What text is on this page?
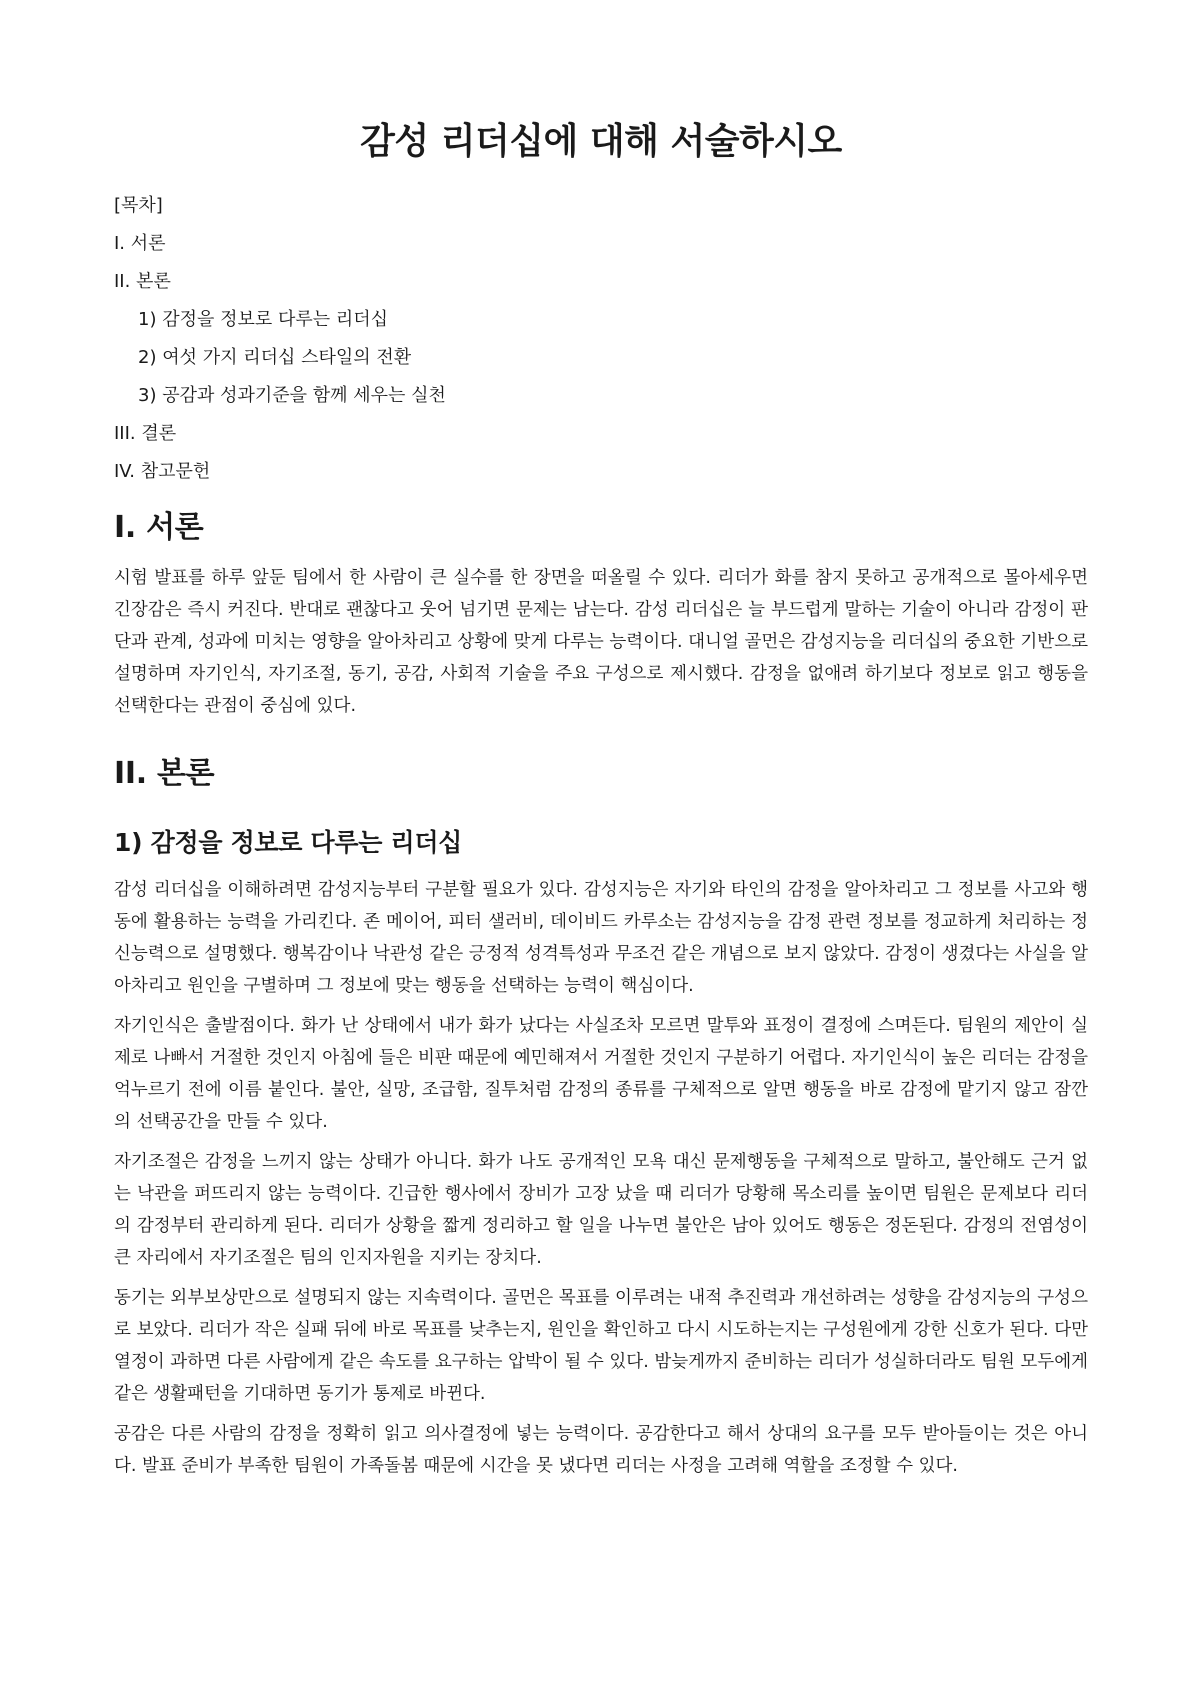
감성 리더십에 대해 서술하시오
[목차]
I. 서론
II. 본론
1) 감정을 정보로 다루는 리더십
2) 여섯 가지 리더십 스타일의 전환
3) 공감과 성과기준을 함께 세우는 실천
III. 결론
IV. 참고문헌
I. 서론

시험 발표를 하루 앞둔 팀에서 한 사람이 큰 실수를 한 장면을 떠올릴 수 있다. 리더가 화를 참지 못하고 공개적으로 몰아세우면 긴장감은 즉시 커진다. 반대로 괜찮다고 웃어 넘기면 문제는 남는다. 감성 리더십은 늘 부드럽게 말하는 기술이 아니라 감정이 판단과 관계, 성과에 미치는 영향을 알아차리고 상황에 맞게 다루는 능력이다. 대니얼 골먼은 감성지능을 리더십의 중요한 기반으로 설명하며 자기인식, 자기조절, 동기, 공감, 사회적 기술을 주요 구성으로 제시했다. 감정을 없애려 하기보다 정보로 읽고 행동을 선택한다는 관점이 중심에 있다.

II. 본론
1) 감정을 정보로 다루는 리더십

감성 리더십을 이해하려면 감성지능부터 구분할 필요가 있다. 감성지능은 자기와 타인의 감정을 알아차리고 그 정보를 사고와 행동에 활용하는 능력을 가리킨다. 존 메이어, 피터 샐러비, 데이비드 카루소는 감성지능을 감정 관련 정보를 정교하게 처리하는 정신능력으로 설명했다. 행복감이나 낙관성 같은 긍정적 성격특성과 무조건 같은 개념으로 보지 않았다. 감정이 생겼다는 사실을 알아차리고 원인을 구별하며 그 정보에 맞는 행동을 선택하는 능력이 핵심이다.

자기인식은 출발점이다. 화가 난 상태에서 내가 화가 났다는 사실조차 모르면 말투와 표정이 결정에 스며든다. 팀원의 제안이 실제로 나빠서 거절한 것인지 아침에 들은 비판 때문에 예민해져서 거절한 것인지 구분하기 어렵다. 자기인식이 높은 리더는 감정을 억누르기 전에 이름 붙인다. 불안, 실망, 조급함, 질투처럼 감정의 종류를 구체적으로 알면 행동을 바로 감정에 맡기지 않고 잠깐의 선택공간을 만들 수 있다.

자기조절은 감정을 느끼지 않는 상태가 아니다. 화가 나도 공개적인 모욕 대신 문제행동을 구체적으로 말하고, 불안해도 근거 없는 낙관을 퍼뜨리지 않는 능력이다. 긴급한 행사에서 장비가 고장 났을 때 리더가 당황해 목소리를 높이면 팀원은 문제보다 리더의 감정부터 관리하게 된다. 리더가 상황을 짧게 정리하고 할 일을 나누면 불안은 남아 있어도 행동은 정돈된다. 감정의 전염성이 큰 자리에서 자기조절은 팀의 인지자원을 지키는 장치다.

동기는 외부보상만으로 설명되지 않는 지속력이다. 골먼은 목표를 이루려는 내적 추진력과 개선하려는 성향을 감성지능의 구성으로 보았다. 리더가 작은 실패 뒤에 바로 목표를 낮추는지, 원인을 확인하고 다시 시도하는지는 구성원에게 강한 신호가 된다. 다만 열정이 과하면 다른 사람에게 같은 속도를 요구하는 압박이 될 수 있다. 밤늦게까지 준비하는 리더가 성실하더라도 팀원 모두에게 같은 생활패턴을 기대하면 동기가 통제로 바뀐다.

공감은 다른 사람의 감정을 정확히 읽고 의사결정에 넣는 능력이다. 공감한다고 해서 상대의 요구를 모두 받아들이는 것은 아니다. 발표 준비가 부족한 팀원이 가족돌봄 때문에 시간을 못 냈다면 리더는 사정을 고려해 역할을 조정할 수 있다.
